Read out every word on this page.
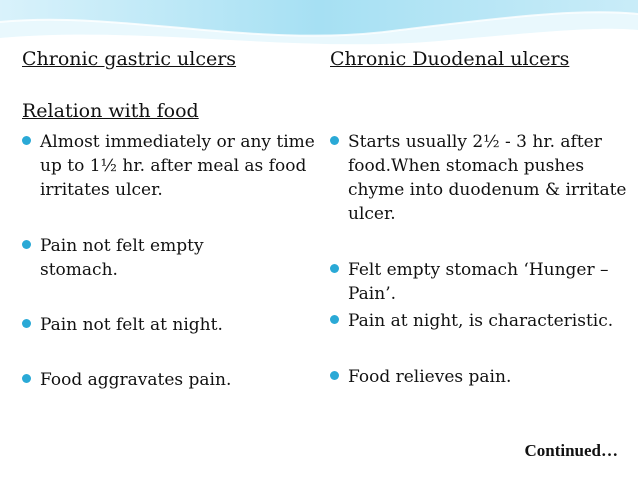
Chronic gastric ulcers	Chronic Duodenal ulcers

Relation with food
Almost immediately or any time up to 1½ hr. after meal as food irritates ulcer.
Pain not felt empty stomach.
Pain not felt at night.
Food aggravates pain.
Starts usually 2½ - 3 hr. after food.When stomach pushes chyme into duodenum & irritate ulcer.
Felt empty stomach ‘Hunger – Pain’.
Pain at night, is characteristic.
Food relieves pain.
Continued…
